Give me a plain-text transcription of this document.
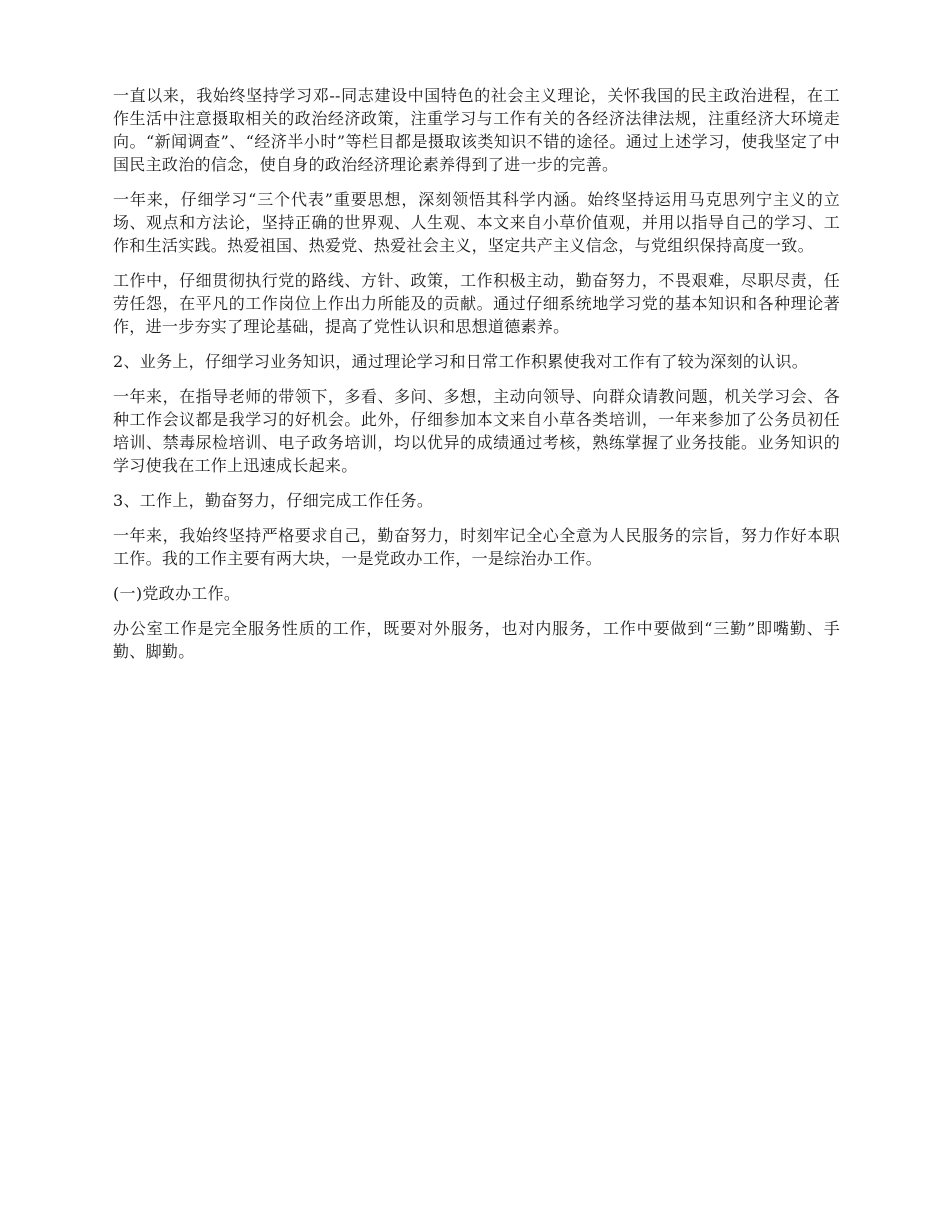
一直以来，我始终坚持学习邓--同志建设中国特色的社会主义理论，关怀我国的民主政治进程，在工作生活中注意摄取相关的政治经济政策，注重学习与工作有关的各经济法律法规，注重经济大环境走向。“新闻调查”、“经济半小时”等栏目都是摄取该类知识不错的途径。通过上述学习，使我坚定了中国民主政治的信念，使自身的政治经济理论素养得到了进一步的完善。

一年来，仔细学习“三个代表”重要思想，深刻领悟其科学内涵。始终坚持运用马克思列宁主义的立场、观点和方法论，坚持正确的世界观、人生观、本文来自小草价值观，并用以指导自己的学习、工作和生活实践。热爱祖国、热爱党、热爱社会主义，坚定共产主义信念，与党组织保持高度一致。

工作中，仔细贯彻执行党的路线、方针、政策，工作积极主动，勤奋努力，不畏艰难，尽职尽责，任劳任怨，在平凡的工作岗位上作出力所能及的贡献。通过仔细系统地学习党的基本知识和各种理论著作，进一步夯实了理论基础，提高了党性认识和思想道德素养。

2、业务上，仔细学习业务知识，通过理论学习和日常工作积累使我对工作有了较为深刻的认识。

一年来，在指导老师的带领下，多看、多问、多想，主动向领导、向群众请教问题，机关学习会、各种工作会议都是我学习的好机会。此外，仔细参加本文来自小草各类培训，一年来参加了公务员初任培训、禁毒尿检培训、电子政务培训，均以优异的成绩通过考核，熟练掌握了业务技能。业务知识的学习使我在工作上迅速成长起来。

3、工作上，勤奋努力，仔细完成工作任务。

一年来，我始终坚持严格要求自己，勤奋努力，时刻牢记全心全意为人民服务的宗旨，努力作好本职工作。我的工作主要有两大块，一是党政办工作，一是综治办工作。

(一)党政办工作。

办公室工作是完全服务性质的工作，既要对外服务，也对内服务，工作中要做到“三勤”即嘴勤、手勤、脚勤。
